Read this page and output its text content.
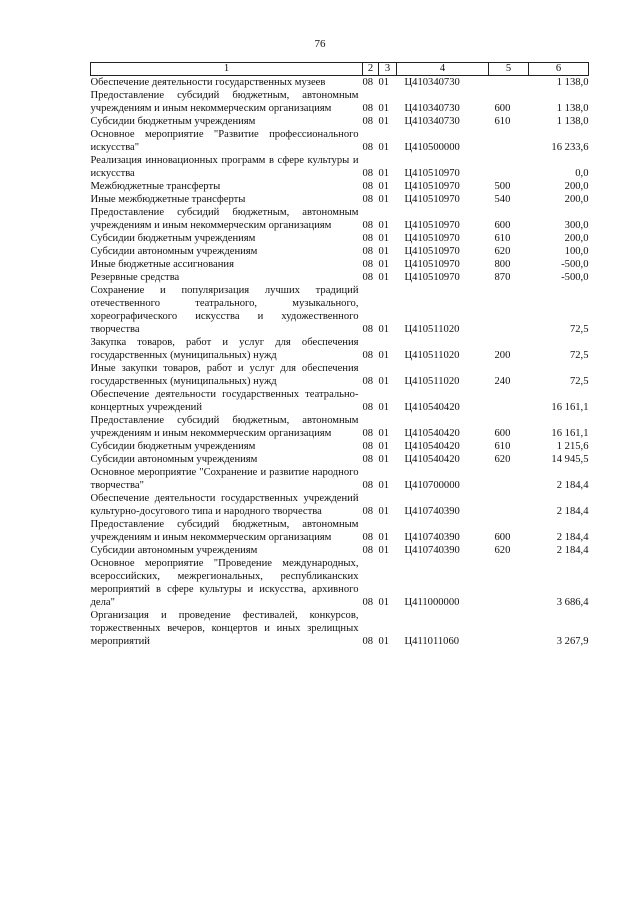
76
1	2	3	4	5	6
Обеспечение деятельности государственных музеев	08	01	Ц410340730		1 138,0
Предоставление субсидий бюджетным, автономным учреждениям и иным некоммерческим организациям	08	01	Ц410340730	600	1 138,0
Субсидии бюджетным учреждениям	08	01	Ц410340730	610	1 138,0
Основное мероприятие "Развитие профессионального искусства"	08	01	Ц410500000		16 233,6
Реализация инновационных программ в сфере культуры и искусства	08	01	Ц410510970		0,0
Межбюджетные трансферты	08	01	Ц410510970	500	200,0
Иные межбюджетные трансферты	08	01	Ц410510970	540	200,0
Предоставление субсидий бюджетным, автономным учреждениям и иным некоммерческим организациям	08	01	Ц410510970	600	300,0
Субсидии бюджетным учреждениям	08	01	Ц410510970	610	200,0
Субсидии автономным учреждениям	08	01	Ц410510970	620	100,0
Иные бюджетные ассигнования	08	01	Ц410510970	800	-500,0
Резервные средства	08	01	Ц410510970	870	-500,0
Сохранение и популяризация лучших традиций отечественного театрального, музыкального, хореографического искусства и художественного творчества	08	01	Ц410511020		72,5
Закупка товаров, работ и услуг для обеспечения государственных (муниципальных) нужд	08	01	Ц410511020	200	72,5
Иные закупки товаров, работ и услуг для обеспечения государственных (муниципальных) нужд	08	01	Ц410511020	240	72,5
Обеспечение деятельности государственных театрально-концертных учреждений	08	01	Ц410540420		16 161,1
Предоставление субсидий бюджетным, автономным учреждениям и иным некоммерческим организациям	08	01	Ц410540420	600	16 161,1
Субсидии бюджетным учреждениям	08	01	Ц410540420	610	1 215,6
Субсидии автономным учреждениям	08	01	Ц410540420	620	14 945,5
Основное мероприятие "Сохранение и развитие народного творчества"	08	01	Ц410700000		2 184,4
Обеспечение деятельности государственных учреждений культурно-досугового типа и народного творчества	08	01	Ц410740390		2 184,4
Предоставление субсидий бюджетным, автономным учреждениям и иным некоммерческим организациям	08	01	Ц410740390	600	2 184,4
Субсидии автономным учреждениям	08	01	Ц410740390	620	2 184,4
Основное мероприятие "Проведение международных, всероссийских, межрегиональных, республиканских мероприятий в сфере культуры и искусства, архивного дела"	08	01	Ц411000000		3 686,4
Организация и проведение фестивалей, конкурсов, торжественных вечеров, концертов и иных зрелищных мероприятий	08	01	Ц411011060		3 267,9
